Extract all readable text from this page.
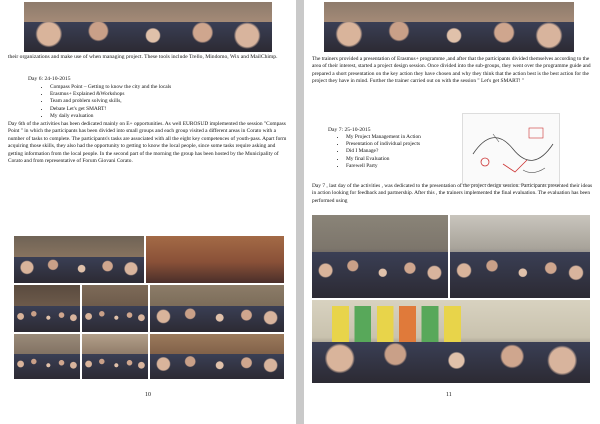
their organizations and make use of when managing project. These tools include Trello, Mindomo, Wix and MailChimp.

Day 6: 24-10-2015

• Compass Point – Getting to know the city and the locals
• Erasmus+ Explained &Workshops
• Team and problem solving skills,
• Debate Let's get SMART!
• My daily evaluation

Day 6th of the activities has been dedicated mainly on E+ opportunities. As well EUROSUD implemented the session "Compass Point " in which the participants has been divided into small groups and each group visited a different areas in Corato with a number of tasks to complete. The participants's tasks are associated with all the eight key competences of youth-pass. Apart form acquiring those skills, they also had the opportunity to getting to know the local people, since some tasks require asking and getting information from the local people. In the second part of the morning the group has been hosted by the Municipality of Corato and from representative of Forum Giovani Corato.

10

The trainers provided a presentation of Erasmus+ programme ,and after that the participants divided themselves according to the area of their interest, started a project design session. Once divided into the sub-groups, they went over the programme guide and prepared a short presentation on the key action they have chosen and why they think that the action best is the best action for the project they have in mind. Further the trainer carried out on with the session " Let's get SMART! "

Day 7: 25-10-2015

• My Project Management in Action
• Presentation of individual projects
• Did I Manage?
• My final Evaluation
• Farewell Party

Day 7 , last day of the activities , was dedicated to the presentation of the project design session. Participants presented their ideas in action looking for feedback and partnership. After this , the trainers implemented the final evaluation. The evaluation has been performed using

11
